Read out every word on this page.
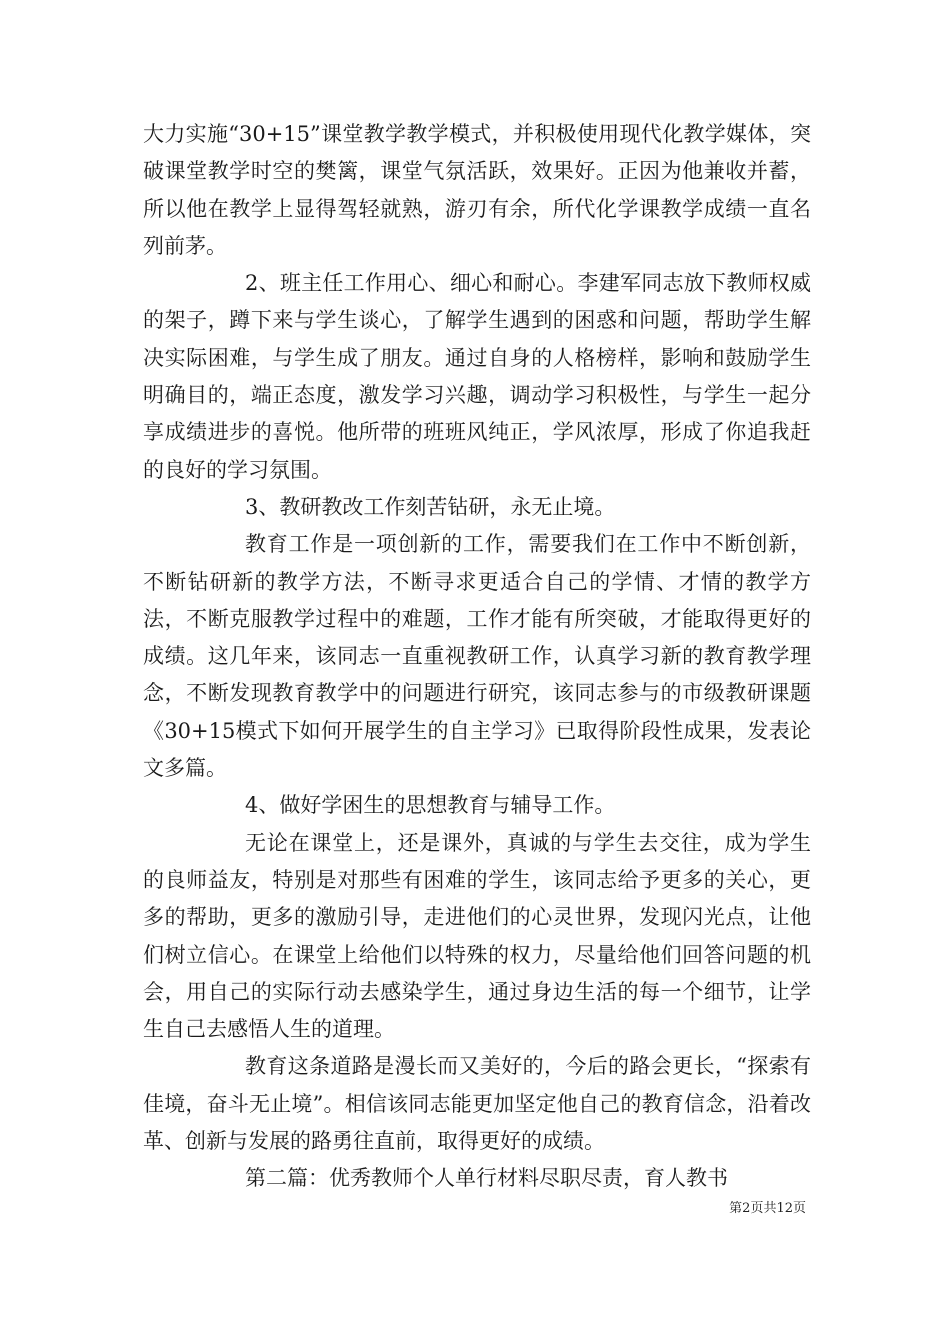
大力实施“30+15”课堂教学教学模式，并积极使用现代化教学媒体，突破课堂教学时空的樊篱，课堂气氛活跃，效果好。正因为他兼收并蓄，所以他在教学上显得驾轻就熟，游刃有余，所代化学课教学成绩一直名列前茅。

2、班主任工作用心、细心和耐心。李建军同志放下教师权威的架子，蹲下来与学生谈心，了解学生遇到的困惑和问题，帮助学生解决实际困难，与学生成了朋友。通过自身的人格榜样，影响和鼓励学生明确目的，端正态度，激发学习兴趣，调动学习积极性，与学生一起分享成绩进步的喜悦。他所带的班班风纯正，学风浓厚，形成了你追我赶的良好的学习氛围。

3、教研教改工作刻苦钻研，永无止境。

教育工作是一项创新的工作，需要我们在工作中不断创新，不断钻研新的教学方法，不断寻求更适合自己的学情、才情的教学方法，不断克服教学过程中的难题，工作才能有所突破，才能取得更好的成绩。这几年来，该同志一直重视教研工作，认真学习新的教育教学理念，不断发现教育教学中的问题进行研究，该同志参与的市级教研课题《30+15模式下如何开展学生的自主学习》已取得阶段性成果，发表论文多篇。

4、做好学困生的思想教育与辅导工作。

无论在课堂上，还是课外，真诚的与学生去交往，成为学生的良师益友，特别是对那些有困难的学生，该同志给予更多的关心，更多的帮助，更多的激励引导，走进他们的心灵世界，发现闪光点，让他们树立信心。在课堂上给他们以特殊的权力，尽量给他们回答问题的机会，用自己的实际行动去感染学生，通过身边生活的每一个细节，让学生自己去感悟人生的道理。

教育这条道路是漫长而又美好的，今后的路会更长，“探索有佳境，奋斗无止境”。相信该同志能更加坚定他自己的教育信念，沿着改革、创新与发展的路勇往直前，取得更好的成绩。

第二篇：优秀教师个人单行材料尽职尽责，育人教书

第2页共12页
